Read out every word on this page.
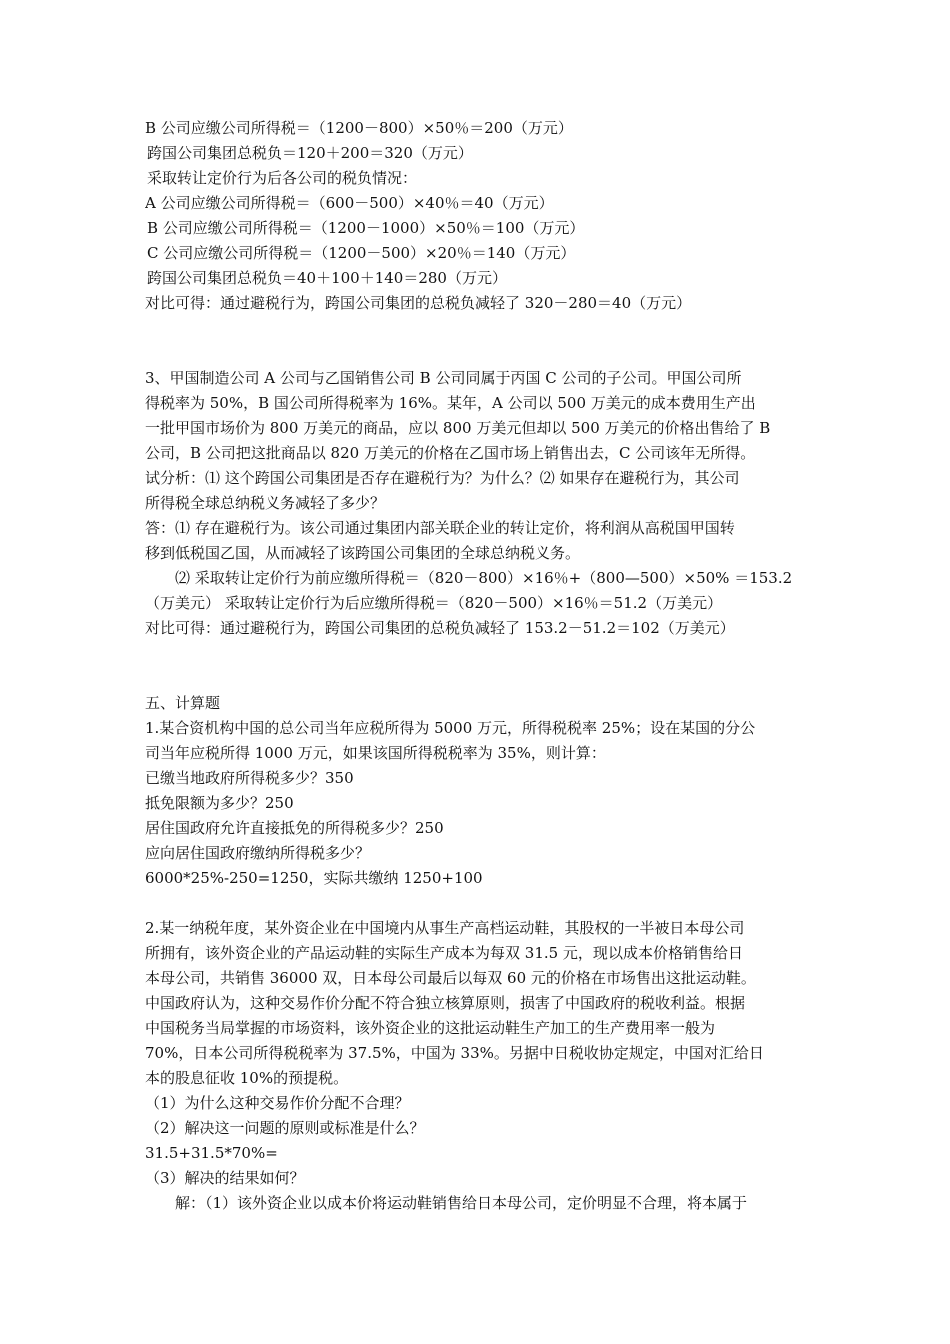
B 公司应缴公司所得税＝（1200－800）×50％＝200（万元）
跨国公司集团总税负＝120＋200＝320（万元）
采取转让定价行为后各公司的税负情况：
A 公司应缴公司所得税＝（600－500）×40％＝40（万元）
B 公司应缴公司所得税＝（1200－1000）×50％＝100（万元）
C 公司应缴公司所得税＝（1200－500）×20％＝140（万元）
跨国公司集团总税负＝40＋100＋140＝280（万元）
对比可得：通过避税行为，跨国公司集团的总税负减轻了 320－280＝40（万元）
3、甲国制造公司 A 公司与乙国销售公司 B 公司同属于丙国 C 公司的子公司。甲国公司所
得税率为 50%，B 国公司所得税率为 16%。某年，A 公司以 500 万美元的成本费用生产出
一批甲国市场价为 800 万美元的商品，应以 800 万美元但却以 500 万美元的价格出售给了 B
公司，B 公司把这批商品以 820 万美元的价格在乙国市场上销售出去，C 公司该年无所得。
试分析：⑴ 这个跨国公司集团是否存在避税行为？为什么？⑵ 如果存在避税行为，其公司
所得税全球总纳税义务减轻了多少？
答：⑴ 存在避税行为。该公司通过集团内部关联企业的转让定价，将利润从高税国甲国转
移到低税国乙国，从而减轻了该跨国公司集团的全球总纳税义务。
⑵ 采取转让定价行为前应缴所得税＝（820－800）×16％+（800—500）×50% ＝153.2
（万美元） 采取转让定价行为后应缴所得税＝（820－500）×16％＝51.2（万美元）
对比可得：通过避税行为，跨国公司集团的总税负减轻了 153.2－51.2＝102（万美元）
五、计算题
1.某合资机构中国的总公司当年应税所得为 5000 万元，所得税税率 25%；设在某国的分公
司当年应税所得 1000 万元，如果该国所得税税率为 35%，则计算：
已缴当地政府所得税多少？350
抵免限额为多少？250
居住国政府允许直接抵免的所得税多少？250
应向居住国政府缴纳所得税多少？
6000*25%-250=1250，实际共缴纳 1250+100
2.某一纳税年度，某外资企业在中国境内从事生产高档运动鞋，其股权的一半被日本母公司
所拥有，该外资企业的产品运动鞋的实际生产成本为每双 31.5 元，现以成本价格销售给日
本母公司，共销售 36000 双，日本母公司最后以每双 60 元的价格在市场售出这批运动鞋。
中国政府认为，这种交易作价分配不符合独立核算原则，损害了中国政府的税收利益。根据
中国税务当局掌握的市场资料，该外资企业的这批运动鞋生产加工的生产费用率一般为
70%，日本公司所得税税率为 37.5%，中国为 33%。另据中日税收协定规定，中国对汇给日
本的股息征收 10%的预提税。
（1）为什么这种交易作价分配不合理？
（2）解决这一问题的原则或标准是什么？
31.5+31.5*70%=
（3）解决的结果如何？
解：（1）该外资企业以成本价将运动鞋销售给日本母公司，定价明显不合理，将本属于
